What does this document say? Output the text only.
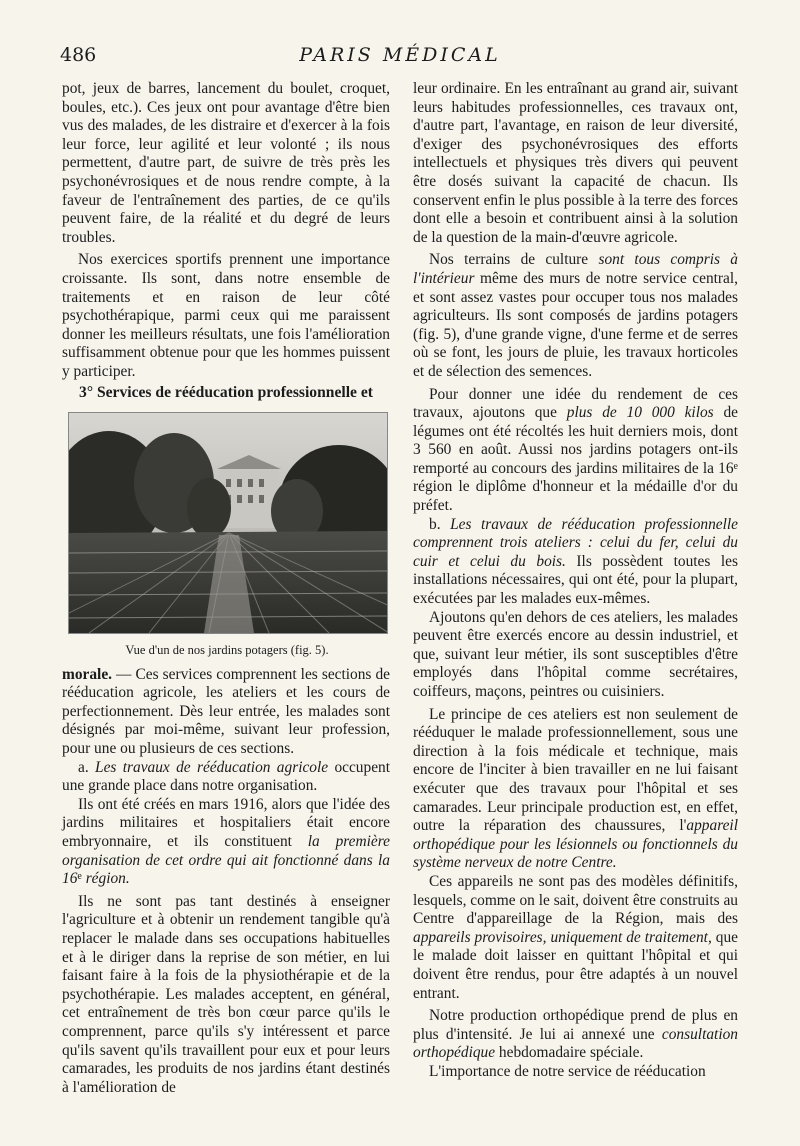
486	PARIS MÉDICAL

pot, jeux de barres, lancement du boulet, croquet, boules, etc.). Ces jeux ont pour avantage d'être bien vus des malades, de les distraire et d'exercer à la fois leur force, leur agilité et leur volonté ; ils nous permettent, d'autre part, de suivre de très près les psychonévrosiques et de nous rendre compte, à la faveur de l'entraînement des parties, de ce qu'ils peuvent faire, de la réalité et du degré de leurs troubles.

Nos exercices sportifs prennent une importance croissante. Ils sont, dans notre ensemble de traitements et en raison de leur côté psychothérapique, parmi ceux qui me paraissent donner les meilleurs résultats, une fois l'amélioration suffisamment obtenue pour que les hommes puissent y participer.

3° Services de rééducation professionnelle et
Vue d'un de nos jardins potagers (fig. 5).

morale. — Ces services comprennent les sections de rééducation agricole, les ateliers et les cours de perfectionnement. Dès leur entrée, les malades sont désignés par moi-même, suivant leur profession, pour une ou plusieurs de ces sections.

a. Les travaux de rééducation agricole occupent une grande place dans notre organisation.

Ils ont été créés en mars 1916, alors que l'idée des jardins militaires et hospitaliers était encore embryonnaire, et ils constituent la première organisation de cet ordre qui ait fonctionné dans la 16e région.

Ils ne sont pas tant destinés à enseigner l'agriculture et à obtenir un rendement tangible qu'à replacer le malade dans ses occupations habituelles et à le diriger dans la reprise de son métier, en lui faisant faire à la fois de la physiothérapie et de la psychothérapie. Les malades acceptent, en général, cet entraînement de très bon cœur parce qu'ils le comprennent, parce qu'ils s'y intéressent et parce qu'ils savent qu'ils travaillent pour eux et pour leurs camarades, les produits de nos jardins étant destinés à l'amélioration de

leur ordinaire. En les entraînant au grand air, suivant leurs habitudes professionnelles, ces travaux ont, d'autre part, l'avantage, en raison de leur diversité, d'exiger des psychonévrosiques des efforts intellectuels et physiques très divers qui peuvent être dosés suivant la capacité de chacun. Ils conservent enfin le plus possible à la terre des forces dont elle a besoin et contribuent ainsi à la solution de la question de la main-d'œuvre agricole.

Nos terrains de culture sont tous compris à l'intérieur même des murs de notre service central, et sont assez vastes pour occuper tous nos malades agriculteurs. Ils sont composés de jardins potagers (fig. 5), d'une grande vigne, d'une ferme et de serres où se font, les jours de pluie, les travaux horticoles et de sélection des semences.

Pour donner une idée du rendement de ces travaux, ajoutons que plus de 10 000 kilos de légumes ont été récoltés les huit derniers mois, dont 3 560 en août. Aussi nos jardins potagers ont-ils remporté au concours des jardins militaires de la 16e région le diplôme d'honneur et la médaille d'or du préfet.

b. Les travaux de rééducation professionnelle comprennent trois ateliers : celui du fer, celui du cuir et celui du bois. Ils possèdent toutes les installations nécessaires, qui ont été, pour la plupart, exécutées par les malades eux-mêmes.

Ajoutons qu'en dehors de ces ateliers, les malades peuvent être exercés encore au dessin industriel, et que, suivant leur métier, ils sont susceptibles d'être employés dans l'hôpital comme secrétaires, coiffeurs, maçons, peintres ou cuisiniers.

Le principe de ces ateliers est non seulement de rééduquer le malade professionnellement, sous une direction à la fois médicale et technique, mais encore de l'inciter à bien travailler en ne lui faisant exécuter que des travaux pour l'hôpital et ses camarades. Leur principale production est, en effet, outre la réparation des chaussures, l'appareil orthopédique pour les lésionnels ou fonctionnels du système nerveux de notre Centre.

Ces appareils ne sont pas des modèles définitifs, lesquels, comme on le sait, doivent être construits au Centre d'appareillage de la Région, mais des appareils provisoires, uniquement de traitement, que le malade doit laisser en quittant l'hôpital et qui doivent être rendus, pour être adaptés à un nouvel entrant.

Notre production orthopédique prend de plus en plus d'intensité. Je lui ai annexé une consultation orthopédique hebdomadaire spéciale.

L'importance de notre service de rééducation
